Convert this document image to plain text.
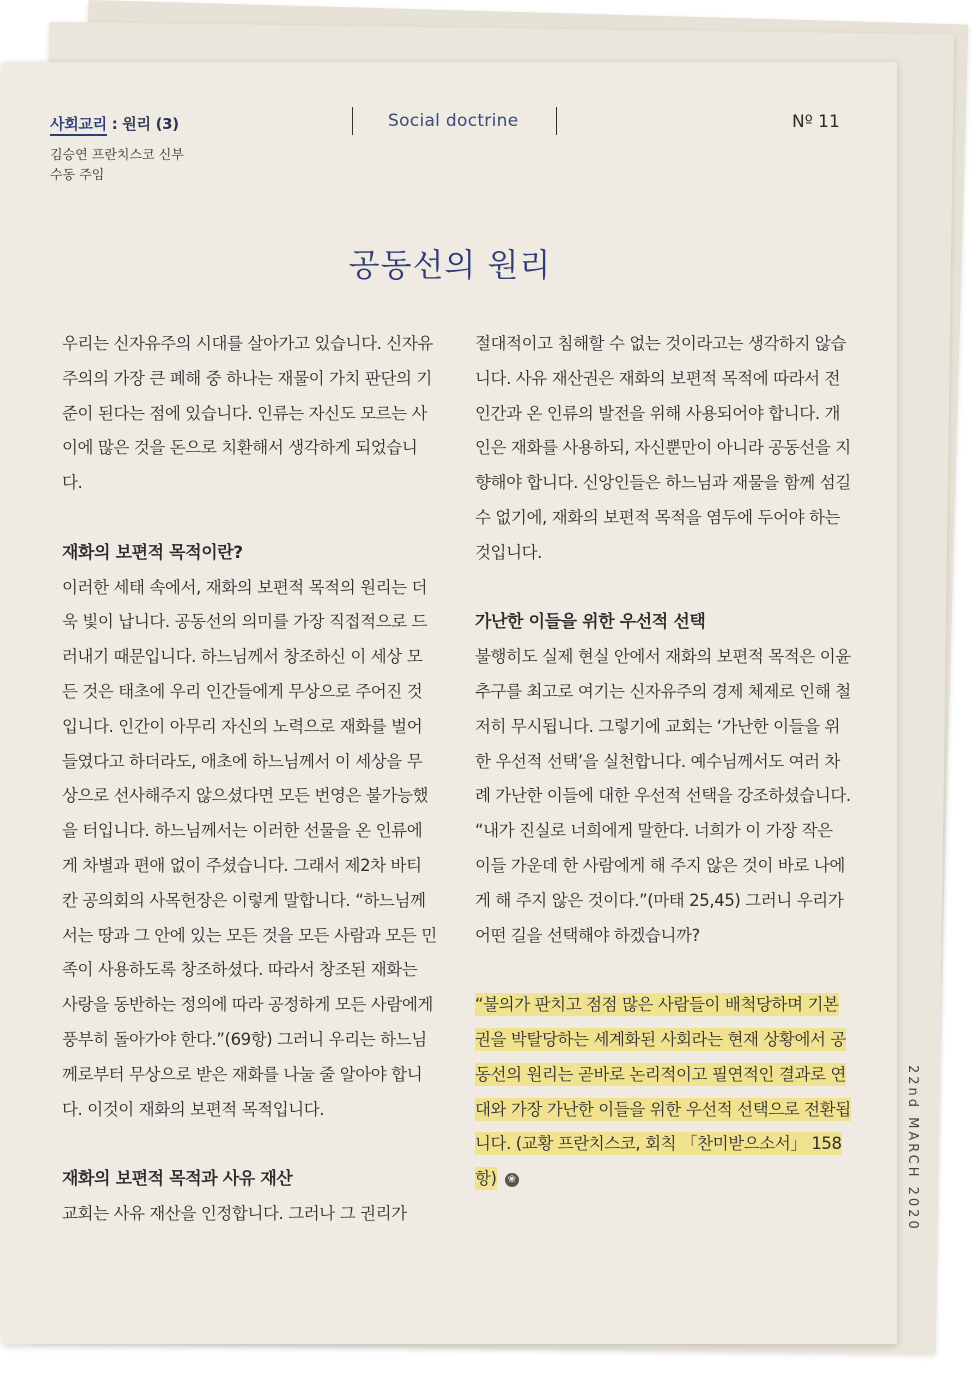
사회교리 : 원리 (3)
김승연 프란치스코 신부
수동 주임
Social doctrine	Nº 11
공동선의 원리

우리는 신자유주의 시대를 살아가고 있습니다. 신자유주의의 가장 큰 폐해 중 하나는 재물이 가치 판단의 기준이 된다는 점에 있습니다. 인류는 자신도 모르는 사이에 많은 것을 돈으로 치환해서 생각하게 되었습니다.

재화의 보편적 목적이란?

이러한 세태 속에서, 재화의 보편적 목적의 원리는 더욱 빛이 납니다. 공동선의 의미를 가장 직접적으로 드러내기 때문입니다. 하느님께서 창조하신 이 세상 모든 것은 태초에 우리 인간들에게 무상으로 주어진 것입니다. 인간이 아무리 자신의 노력으로 재화를 벌어들였다고 하더라도, 애초에 하느님께서 이 세상을 무상으로 선사해주지 않으셨다면 모든 번영은 불가능했을 터입니다. 하느님께서는 이러한 선물을 온 인류에게 차별과 편애 없이 주셨습니다. 그래서 제2차 바티칸 공의회의 사목헌장은 이렇게 말합니다. “하느님께서는 땅과 그 안에 있는 모든 것을 모든 사람과 모든 민족이 사용하도록 창조하셨다. 따라서 창조된 재화는 사랑을 동반하는 정의에 따라 공정하게 모든 사람에게 풍부히 돌아가야 한다.”(69항) 그러니 우리는 하느님께로부터 무상으로 받은 재화를 나눌 줄 알아야 합니다. 이것이 재화의 보편적 목적입니다.

재화의 보편적 목적과 사유 재산

교회는 사유 재산을 인정합니다. 그러나 그 권리가

절대적이고 침해할 수 없는 것이라고는 생각하지 않습니다. 사유 재산권은 재화의 보편적 목적에 따라서 전 인간과 온 인류의 발전을 위해 사용되어야 합니다. 개인은 재화를 사용하되, 자신뿐만이 아니라 공동선을 지향해야 합니다. 신앙인들은 하느님과 재물을 함께 섬길 수 없기에, 재화의 보편적 목적을 염두에 두어야 하는 것입니다.

가난한 이들을 위한 우선적 선택

불행히도 실제 현실 안에서 재화의 보편적 목적은 이윤 추구를 최고로 여기는 신자유주의 경제 체제로 인해 철저히 무시됩니다. 그렇기에 교회는 ‘가난한 이들을 위한 우선적 선택’을 실천합니다. 예수님께서도 여러 차례 가난한 이들에 대한 우선적 선택을 강조하셨습니다. “내가 진실로 너희에게 말한다. 너희가 이 가장 작은 이들 가운데 한 사람에게 해 주지 않은 것이 바로 나에게 해 주지 않은 것이다.”(마태 25,45) 그러니 우리가 어떤 길을 선택해야 하겠습니까?

“불의가 판치고 점점 많은 사람들이 배척당하며 기본권을 박탈당하는 세계화된 사회라는 현재 상황에서 공동선의 원리는 곧바로 논리적이고 필연적인 결과로 연대와 가장 가난한 이들을 위한 우선적 선택으로 전환됩니다. (교황 프란치스코, 회칙 「찬미받으소서」 158항) ❀	22nd MARCH 2020
